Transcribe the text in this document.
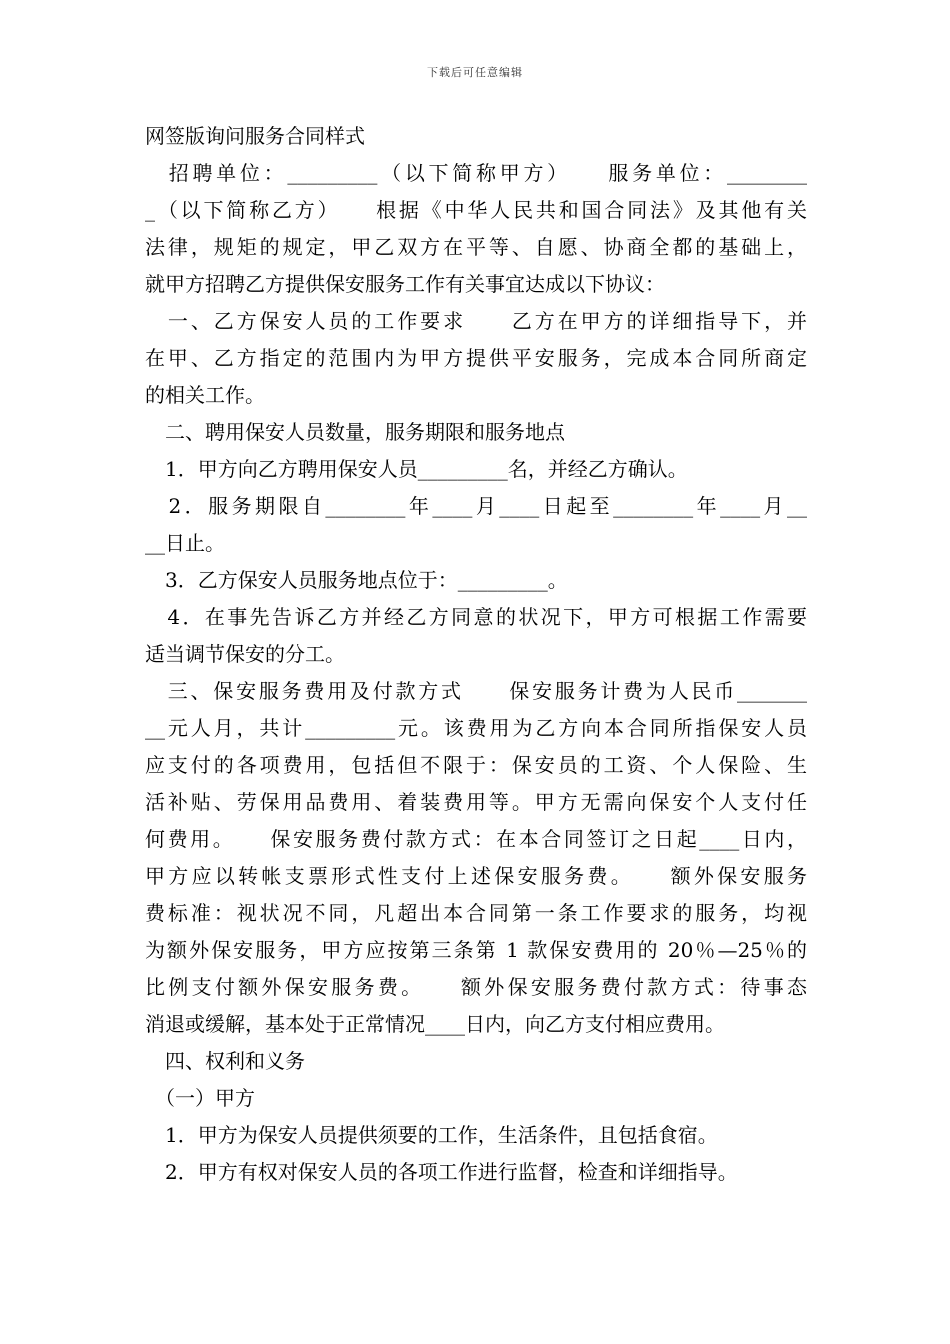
下载后可任意编辑
网签版询问服务合同样式
　招聘单位：_________（以下简称甲方）　　服务单位：________
_（以下简称乙方）　　根据《中华人民共和国合同法》及其他有关
法律，规矩的规定，甲乙双方在平等、自愿、协商全都的基础上，
就甲方招聘乙方提供保安服务工作有关事宜达成以下协议：
　一、乙方保安人员的工作要求　　乙方在甲方的详细指导下，并
在甲、乙方指定的范围内为甲方提供平安服务，完成本合同所商定
的相关工作。
　二、聘用保安人员数量，服务期限和服务地点
　1．甲方向乙方聘用保安人员_________名，并经乙方确认。
　2．服务期限自________年____月____日起至________年____月__
__日止。
　3．乙方保安人员服务地点位于：_________。
　4．在事先告诉乙方并经乙方同意的状况下，甲方可根据工作需要
适当调节保安的分工。
　三、保安服务费用及付款方式　　保安服务计费为人民币_______
__元人月，共计_________元。该费用为乙方向本合同所指保安人员
应支付的各项费用，包括但不限于：保安员的工资、个人保险、生
活补贴、劳保用品费用、着装费用等。甲方无需向保安个人支付任
何费用。　　保安服务费付款方式：在本合同签订之日起____日内，
甲方应以转帐支票形式性支付上述保安服务费。　　额外保安服务
费标准：视状况不同，凡超出本合同第一条工作要求的服务，均视
为额外保安服务，甲方应按第三条第 1 款保安费用的 20％—25％的
比例支付额外保安服务费。　　额外保安服务费付款方式：待事态
消退或缓解，基本处于正常情况____日内，向乙方支付相应费用。
　四、权利和义务
　（一）甲方
　1．甲方为保安人员提供须要的工作，生活条件，且包括食宿。
　2．甲方有权对保安人员的各项工作进行监督，检查和详细指导。
